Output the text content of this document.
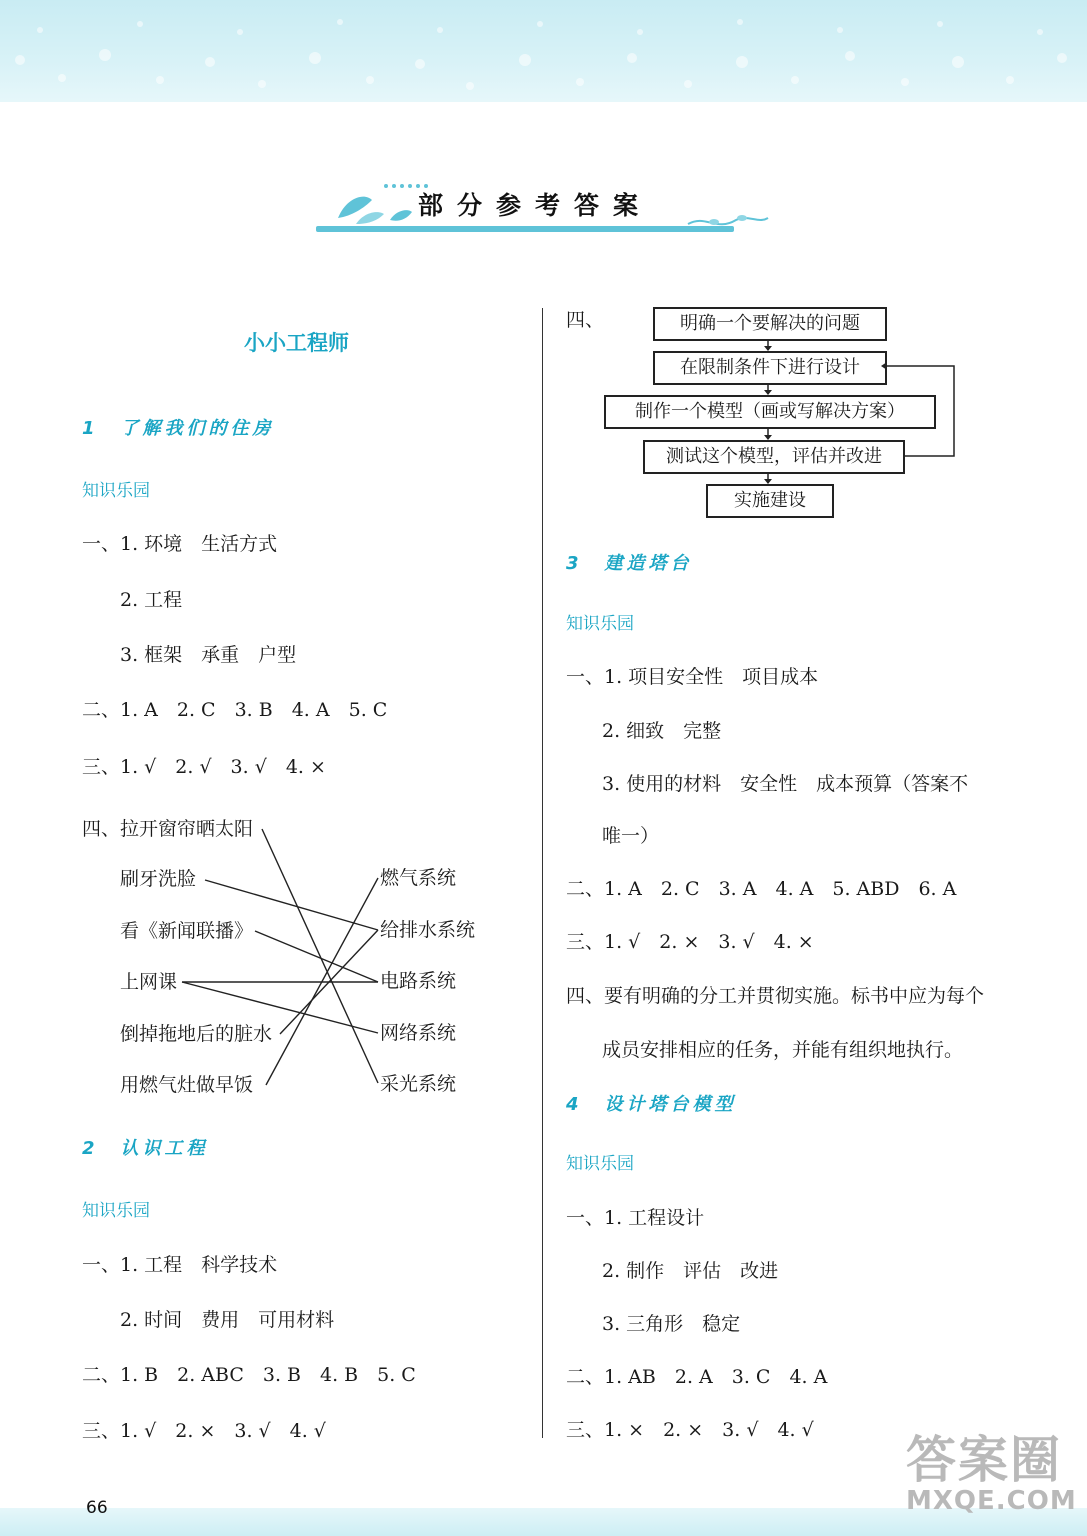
部分参考答案
小小工程师
1　了解我们的住房
知识乐园
一、1. 环境　生活方式
2. 工程
3. 框架　承重　户型
二、1. A　2. C　3. B　4. A　5. C
三、1. √　2. √　3. √　4. ×
四、拉开窗帘晒太阳
刷牙洗脸
看《新闻联播》
上网课
倒掉拖地后的脏水
用燃气灶做早饭
燃气系统
给排水系统
电路系统
网络系统
采光系统
2　认识工程
知识乐园
一、1. 工程　科学技术
2. 时间　费用　可用材料
二、1. B　2. ABC　3. B　4. B　5. C
三、1. √　2. ×　3. √　4. √
四、	明确一个要解决的问题
在限制条件下进行设计
制作一个模型（画或写解决方案）
测试这个模型，评估并改进
实施建设
3　建造塔台
知识乐园
一、1. 项目安全性　项目成本
2. 细致　完整
3. 使用的材料　安全性　成本预算（答案不
唯一）
二、1. A　2. C　3. A　4. A　5. ABD　6. A
三、1. √　2. ×　3. √　4. ×
四、要有明确的分工并贯彻实施。标书中应为每个
成员安排相应的任务，并能有组织地执行。
4　设计塔台模型
知识乐园
一、1. 工程设计
2. 制作　评估　改进
3. 三角形　稳定
二、1. AB　2. A　3. C　4. A
三、1. ×　2. ×　3. √　4. √
66
答案圈
MXQE.COM
